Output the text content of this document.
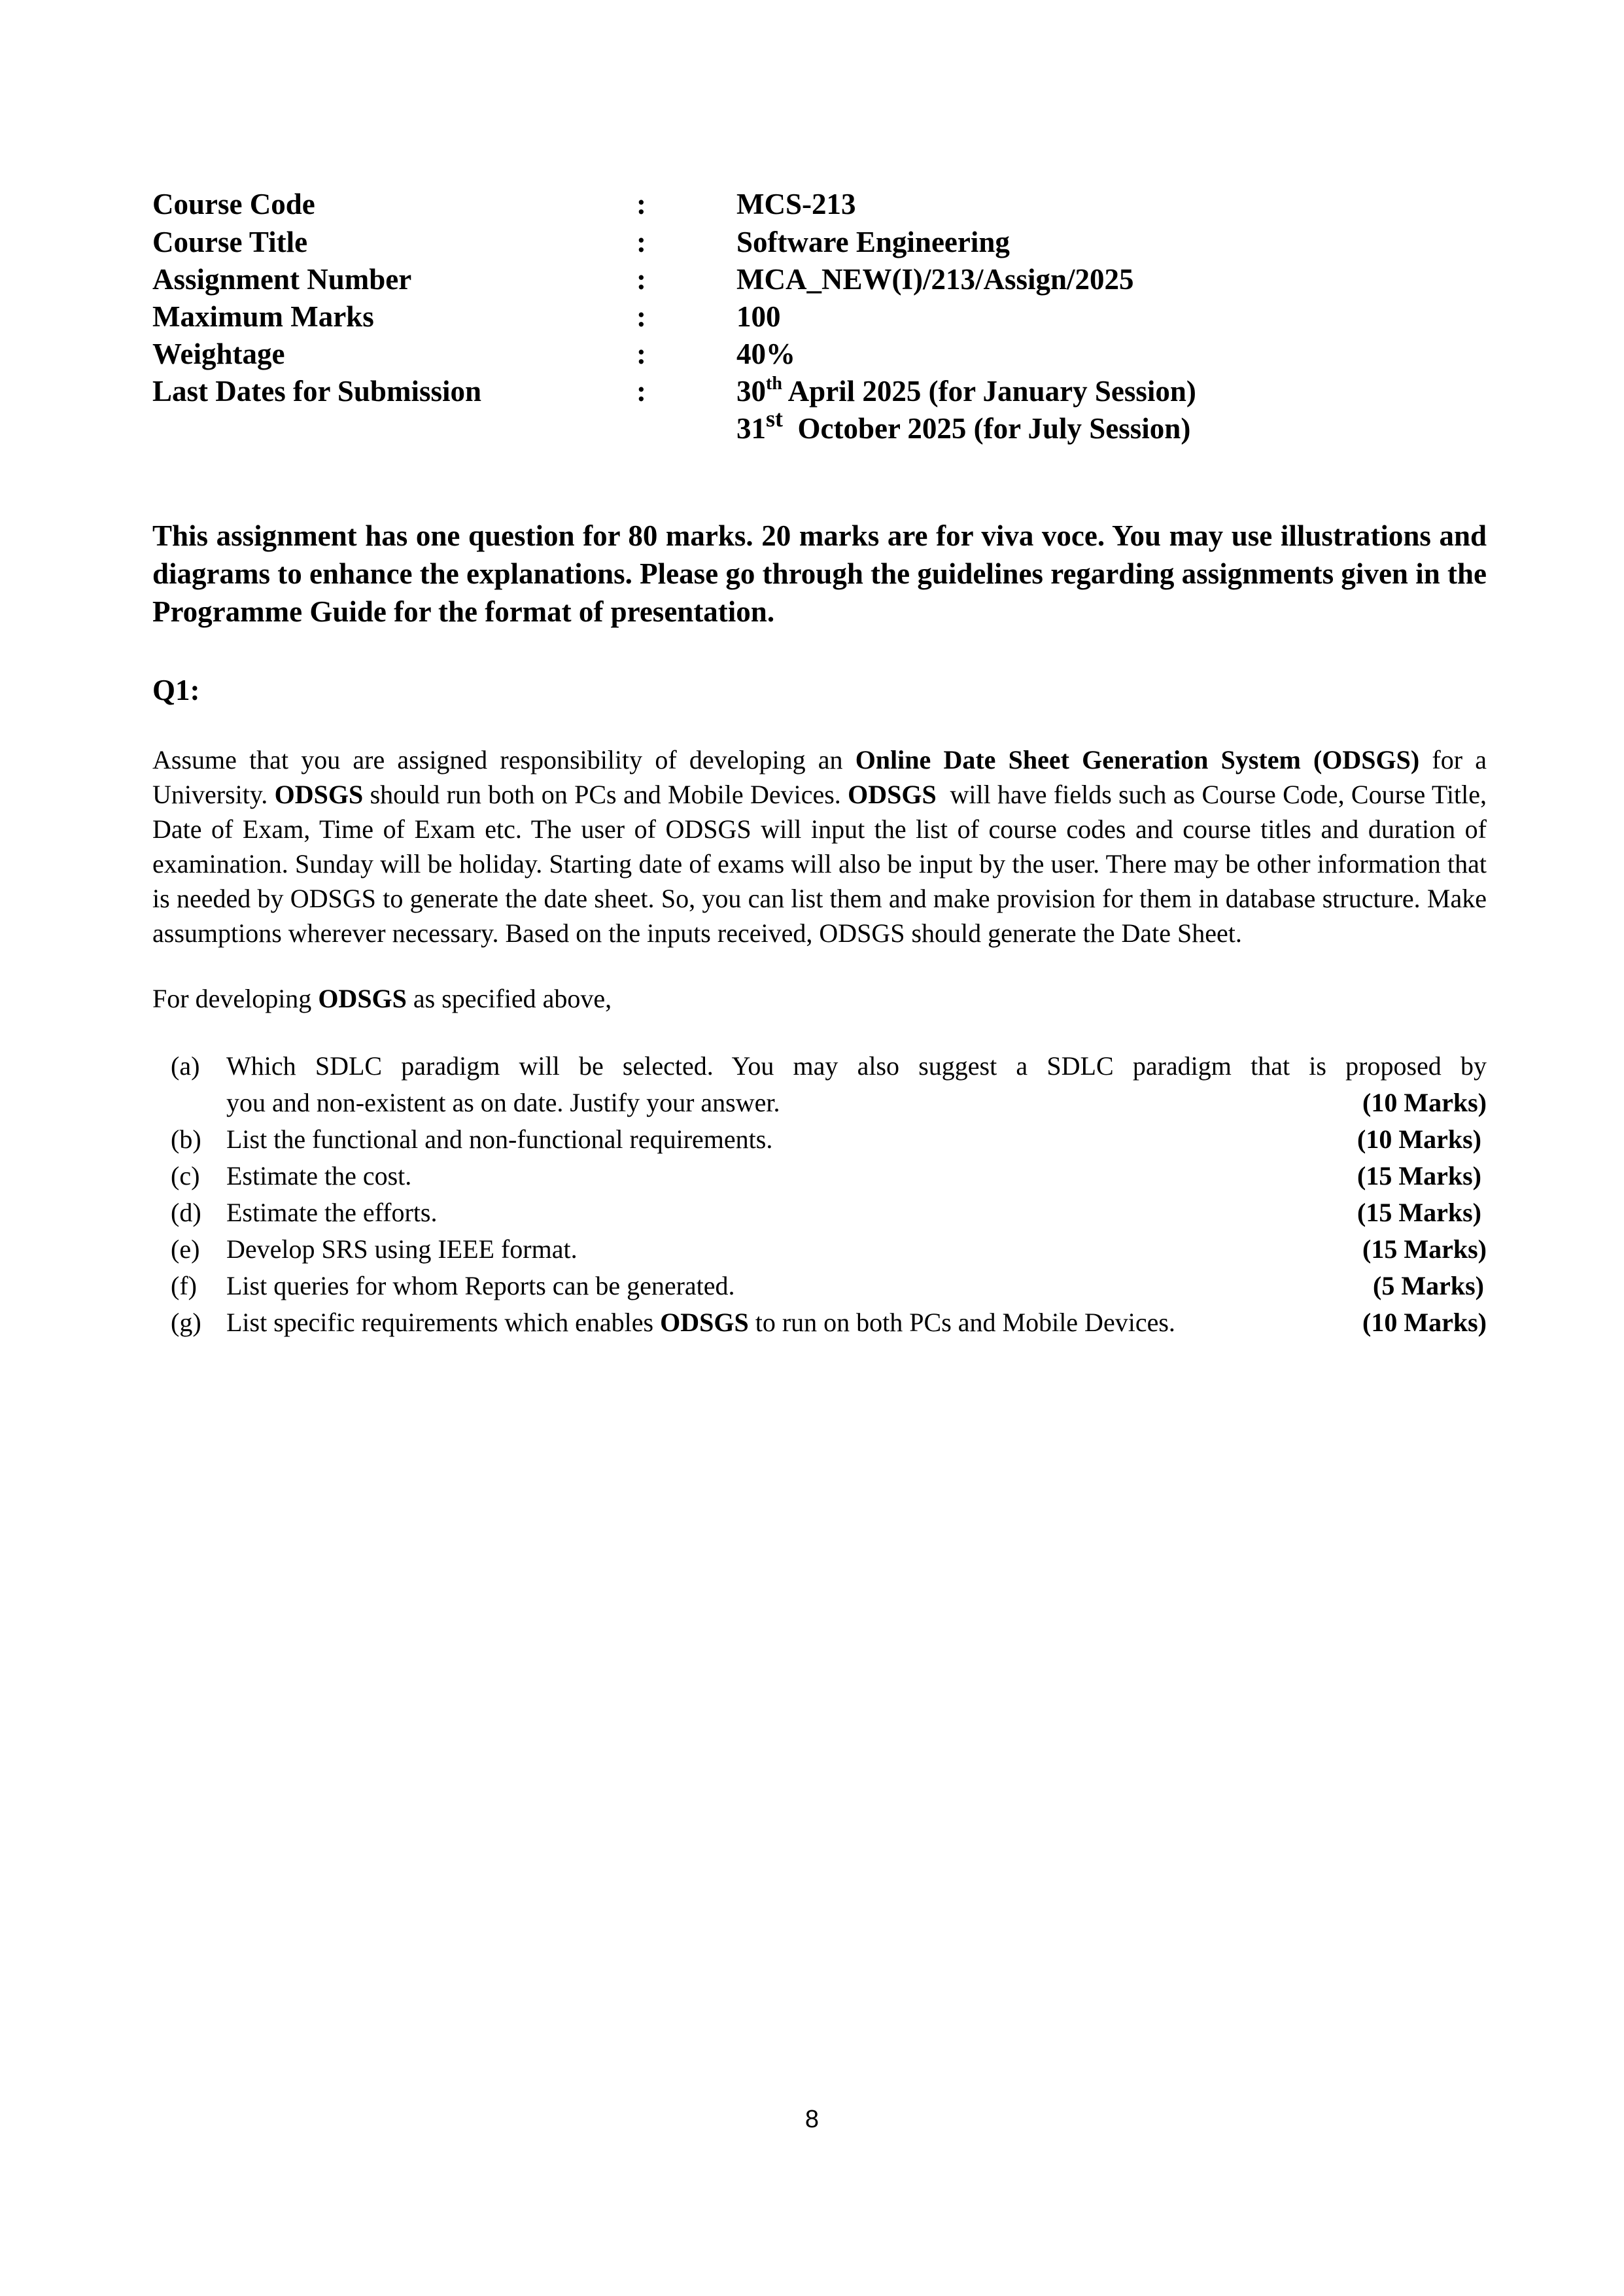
Course Code	:	MCS-213
Course Title	:	Software Engineering
Assignment Number	:	MCA_NEW(I)/213/Assign/2025
Maximum Marks	:	100
Weightage	:	40%
Last Dates for Submission	:	30th April 2025 (for January Session)
31st  October 2025 (for July Session)
This assignment has one question for 80 marks. 20 marks are for viva voce. You may use illustrations and diagrams to enhance the explanations. Please go through the guidelines regarding assignments given in the Programme Guide for the format of presentation.
Q1:

Assume that you are assigned responsibility of developing an Online Date Sheet Generation System (ODSGS) for a University. ODSGS should run both on PCs and Mobile Devices. ODSGS  will have fields such as Course Code, Course Title, Date of Exam, Time of Exam etc. The user of ODSGS will input the list of course codes and course titles and duration of examination. Sunday will be holiday. Starting date of exams will also be input by the user. There may be other information that is needed by ODSGS to generate the date sheet. So, you can list them and make provision for them in database structure. Make assumptions wherever necessary. Based on the inputs received, ODSGS should generate the Date Sheet.

For developing ODSGS as specified above,
(a) Which SDLC paradigm will be selected. You may also suggest a SDLC paradigm that is proposed by
you and non-existent as on date. Justify your answer.	(10 Marks)
(b) List the functional and non-functional requirements.	(10 Marks)
(c) Estimate the cost.	(15 Marks)
(d) Estimate the efforts.	(15 Marks)
(e) Develop SRS using IEEE format.	(15 Marks)
(f) List queries for whom Reports can be generated.	(5 Marks)
(g) List specific requirements which enables ODSGS to run on both PCs and Mobile Devices.	(10 Marks)
8
